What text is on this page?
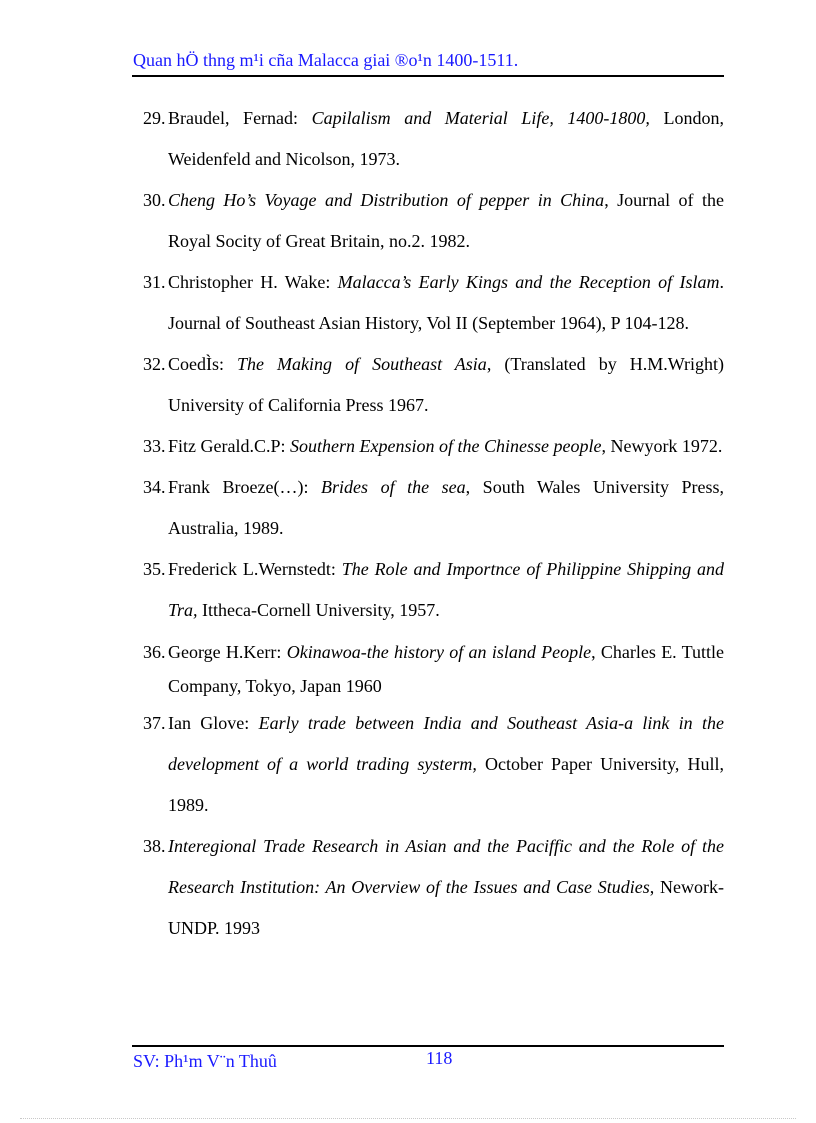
Quan hÖ thng m¹i cña Malacca giai ®o¹n 1400-1511.
29. Braudel, Fernad: Capilalism and Material Life, 1400-1800, London, Weidenfeld and Nicolson, 1973.
30. Cheng Ho’s Voyage and Distribution of pepper in China, Journal of the Royal Socity of Great Britain, no.2. 1982.
31. Christopher H. Wake: Malacca’s Early Kings and the Reception of Islam. Journal of Southeast Asian History, Vol II (September 1964), P 104-128.
32. CoedÌs: The Making of Southeast Asia, (Translated by H.M.Wright) University of California Press 1967.
33. Fitz Gerald.C.P: Southern Expension of the Chinesse people, Newyork 1972.
34. Frank Broeze(…): Brides of the sea, South Wales University Press, Australia, 1989.
35. Frederick L.Wernstedt: The Role and Importnce of Philippine Shipping and Tra, Ittheca-Cornell University, 1957.
36. George H.Kerr: Okinawoa-the history of an island People, Charles E. Tuttle Company, Tokyo, Japan 1960
37. Ian Glove: Early trade between India and Southeast Asia-a link in the development of a world trading systerm, October Paper University, Hull, 1989.
38. Interegional Trade Research in Asian and the Paciffic and the Role of the Research Institution: An Overview of the Issues and Case Studies, Nework- UNDP. 1993
SV: Ph¹m V¨n Thuû	118
